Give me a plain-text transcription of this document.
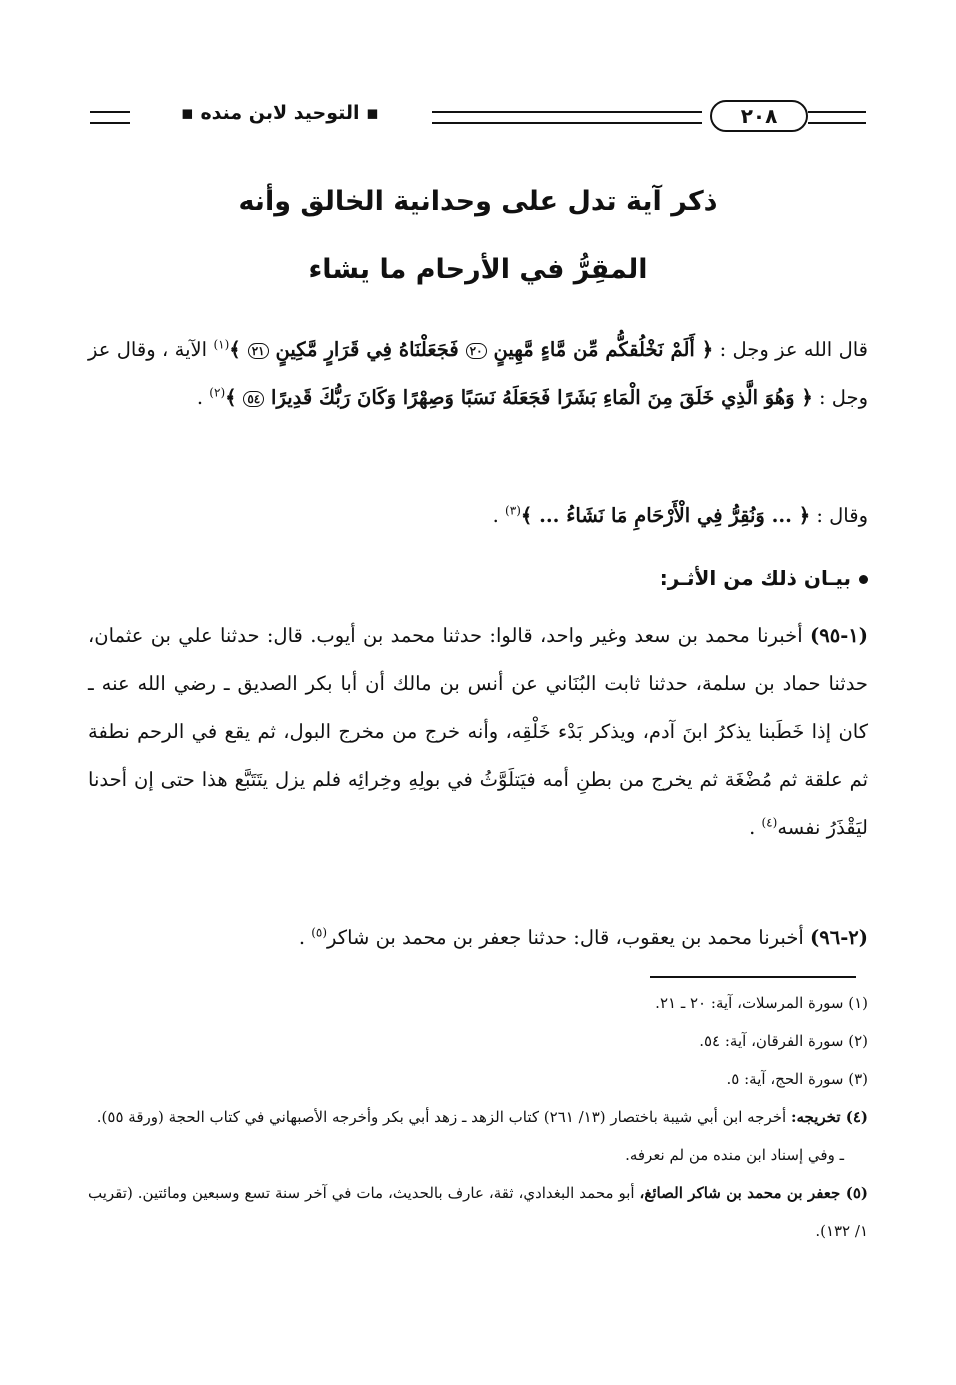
▪ التوحيد لابن منده ▪	٢٠٨
ذكر آية تدل على وحدانية الخالق وأنه
المقِرُّ في الأرحام ما يشاء
قال الله عز وجل : ﴿ أَلَمْ نَخْلُقكُّم مِّن مَّاءٍ مَّهِينٍ ٢٠ فَجَعَلْنَاهُ فِي قَرَارٍ مَّكِينٍ ٢١ ﴾$^{(١)}$ الآية ، وقال عز وجل : ﴿ وَهُوَ الَّذِي خَلَقَ مِنَ الْمَاءِ بَشَرًا فَجَعَلَهُ نَسَبًا وَصِهْرًا وَكَانَ رَبُّكَ قَدِيرًا ٥٤ ﴾$^{(٢)}$ .
وقال : ﴿ ... وَنُقِرُّ فِي الْأَرْحَامِ مَا نَشَاءُ ... ﴾$^{(٣)}$ .
بيـان ذلك من الأثـر:
(١-٩٥) أخبرنا محمد بن سعد وغير واحد، قالوا: حدثنا محمد بن أيوب. قال: حدثنا علي بن عثمان، حدثنا حماد بن سلمة، حدثنا ثابت البُنَاني عن أنس بن مالك أن أبا بكر الصديق ـ رضي الله عنه ـ كان إذا خَطَبنا يذكرُ ابنَ آدم، ويذكر بَدْء خَلْقِه، وأنه خرج من مخرج البول، ثم يقع في الرحم نطفة ثم علقة ثم مُضْغَة ثم يخرج من بطنِ أمه فيَتلَوَّثُ في بولِهِ وخِرائِه فلم يزل يتَتَبَّع هذا حتى إن أحدنا ليَقْذَرُ نفسه$^{(٤)}$ .
(٢-٩٦) أخبرنا محمد بن يعقوب، قال: حدثنا جعفر بن محمد بن شاكر$^{(٥)}$ .
(١) سورة المرسلات، آية: ٢٠ ـ ٢١.
(٢) سورة الفرقان، آية: ٥٤.
(٣) سورة الحج، آية: ٥.
(٤) تخريجه: أخرجه ابن أبي شيبة باختصار (١٣/ ٢٦١) كتاب الزهد ـ زهد أبي بكر وأخرجه الأصبهاني في كتاب الحجة (ورقة ٥٥).
ـ وفي إسناد ابن منده من لم نعرفه.
(٥) جعفر بن محمد بن شاكر الصائغ، أبو محمد البغدادي، ثقة، عارف بالحديث، مات في آخر سنة تسع وسبعين ومائتين. (تقريب ١/ ١٣٢).
